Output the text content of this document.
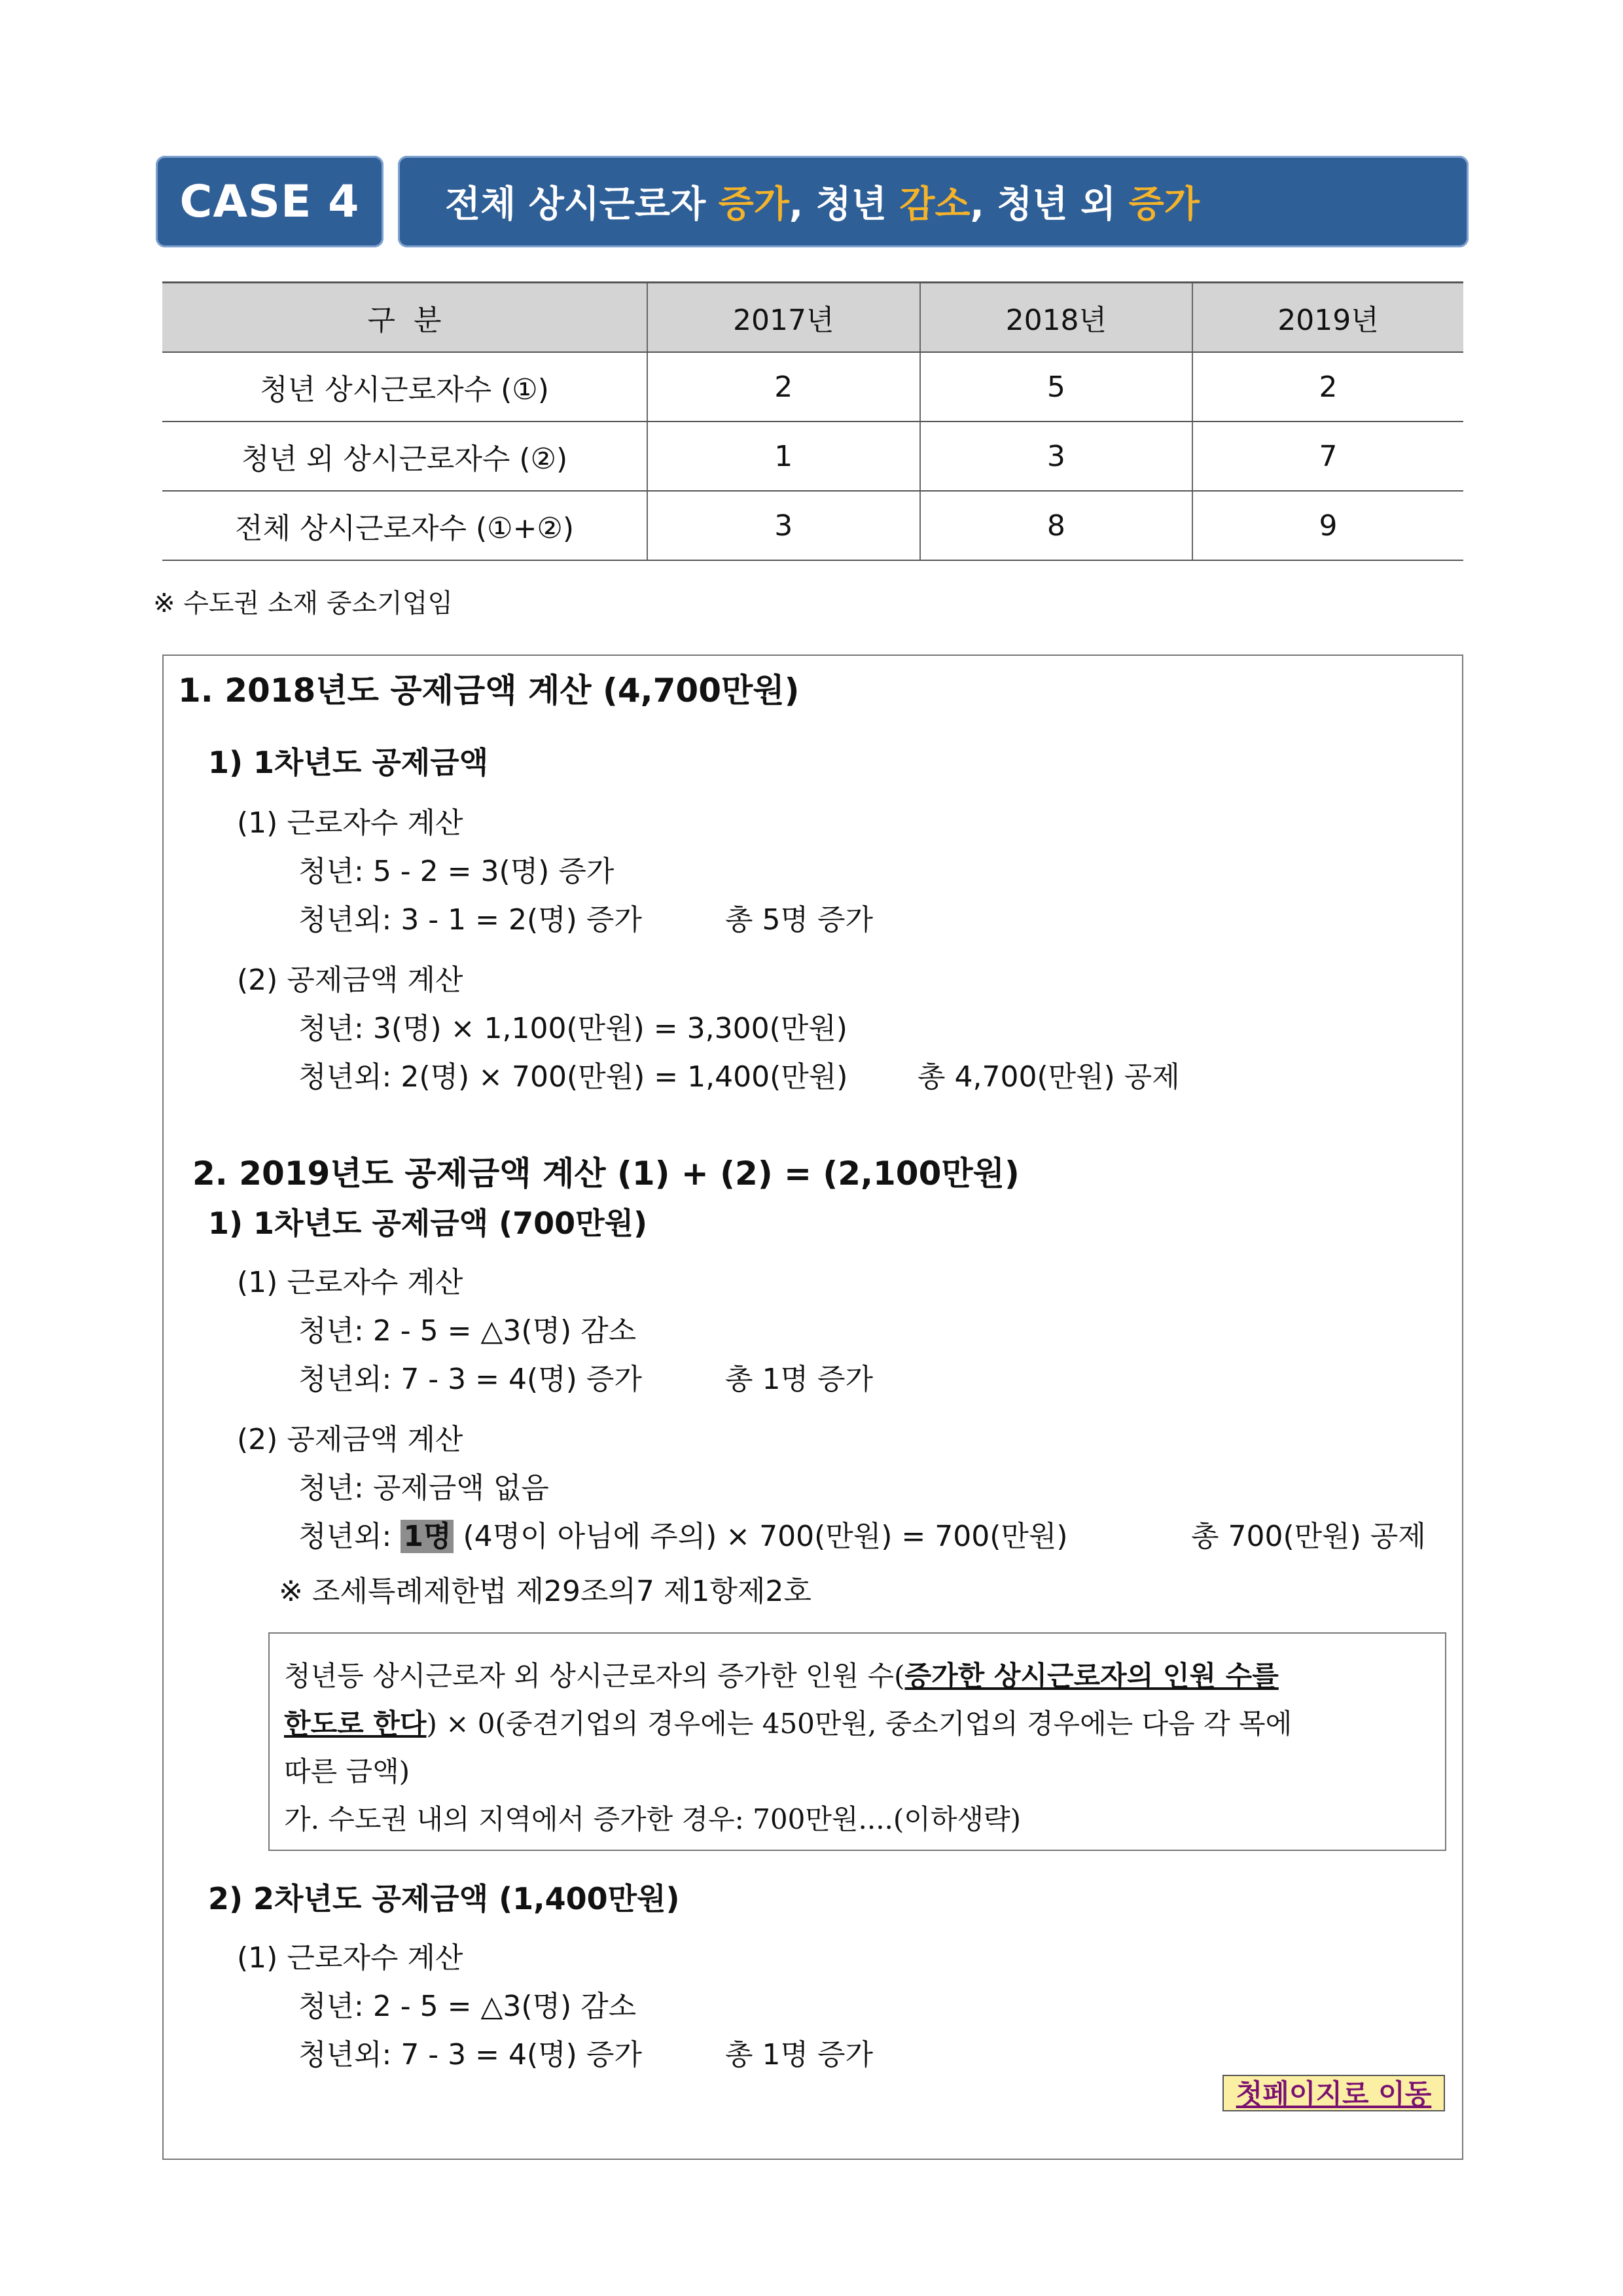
CASE 4 전체 상시근로자 증가 , 청년 감소 , 청년 외 증가
구  분	2017년	2018년	2019년
청년 상시근로자수 (①)	2	5	2
청년 외 상시근로자수 (②)	1	3	7
전체 상시근로자수 (①+②)	3	8	9
※ 수도권 소재 중소기업임
1. 2018년도 공제금액 계산 (4,700만원)
1) 1차년도 공제금액
(1) 근로자수 계산
청년: 5 - 2 = 3(명) 증가
청년외: 3 - 1 = 2(명) 증가	총 5명 증가
(2) 공제금액 계산
청년: 3(명) × 1,100(만원) = 3,300(만원)
청년외: 2(명) × 700(만원) = 1,400(만원) 총 4,700(만원) 공제
2. 2019년도 공제금액 계산 (1) + (2) = (2,100만원)
1) 1차년도 공제금액 (700만원)
(1) 근로자수 계산
청년: 2 - 5 = △3(명) 감소
청년외: 7 - 3 = 4(명) 증가	총 1명 증가
(2) 공제금액 계산
청년: 공제금액 없음
청년외: 1명 (4명이 아님에 주의) × 700(만원) = 700(만원)	총 700(만원) 공제
※ 조세특례제한법 제29조의7 제1항제2호
청년등 상시근로자 외 상시근로자의 증가한 인원 수(증가한 상시근로자의 인원 수를
한도로 한다) × 0(중견기업의 경우에는 450만원, 중소기업의 경우에는 다음 각 목에
따른 금액)
가. 수도권 내의 지역에서 증가한 경우: 700만원....(이하생략)
2) 2차년도 공제금액 (1,400만원)
(1) 근로자수 계산
청년: 2 - 5 = △3(명) 감소
청년외: 7 - 3 = 4(명) 증가	총 1명 증가
첫페이지로 이동
